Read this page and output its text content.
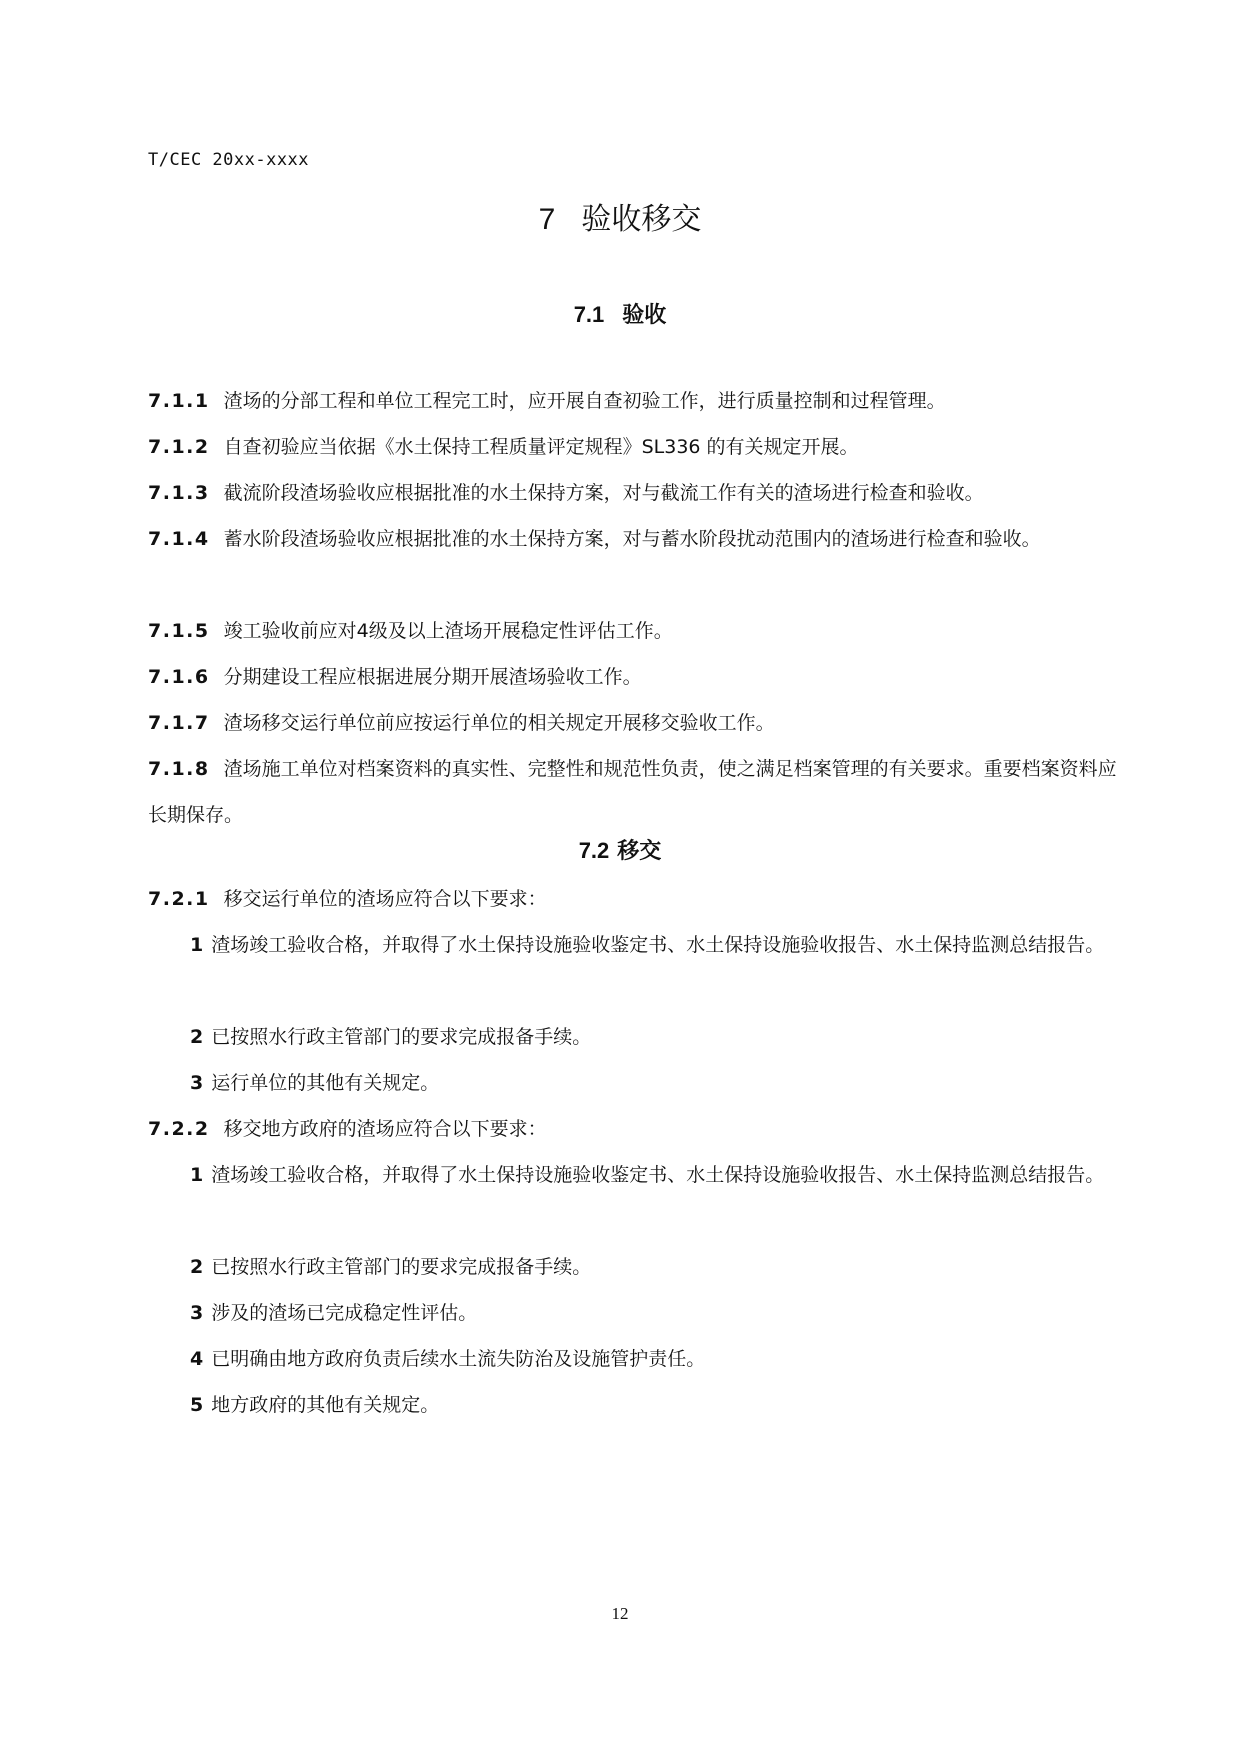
T/CEC 20xx-xxxx
7 验收移交
7.1 验收
7.1.1 渣场的分部工程和单位工程完工时，应开展自查初验工作，进行质量控制和过程管理。
7.1.2 自查初验应当依据《水土保持工程质量评定规程》SL336 的有关规定开展。
7.1.3 截流阶段渣场验收应根据批准的水土保持方案，对与截流工作有关的渣场进行检查和验收。
7.1.4 蓄水阶段渣场验收应根据批准的水土保持方案，对与蓄水阶段扰动范围内的渣场进行检查和验收。
7.1.5 竣工验收前应对4级及以上渣场开展稳定性评估工作。
7.1.6 分期建设工程应根据进展分期开展渣场验收工作。
7.1.7 渣场移交运行单位前应按运行单位的相关规定开展移交验收工作。
7.1.8 渣场施工单位对档案资料的真实性、完整性和规范性负责，使之满足档案管理的有关要求。重要档案资料应长期保存。
7.2 移交
7.2.1 移交运行单位的渣场应符合以下要求：
1 渣场竣工验收合格，并取得了水土保持设施验收鉴定书、水土保持设施验收报告、水土保持监测总结报告。
2 已按照水行政主管部门的要求完成报备手续。
3 运行单位的其他有关规定。
7.2.2 移交地方政府的渣场应符合以下要求：
1 渣场竣工验收合格，并取得了水土保持设施验收鉴定书、水土保持设施验收报告、水土保持监测总结报告。
2 已按照水行政主管部门的要求完成报备手续。
3 涉及的渣场已完成稳定性评估。
4 已明确由地方政府负责后续水土流失防治及设施管护责任。
5 地方政府的其他有关规定。
12
